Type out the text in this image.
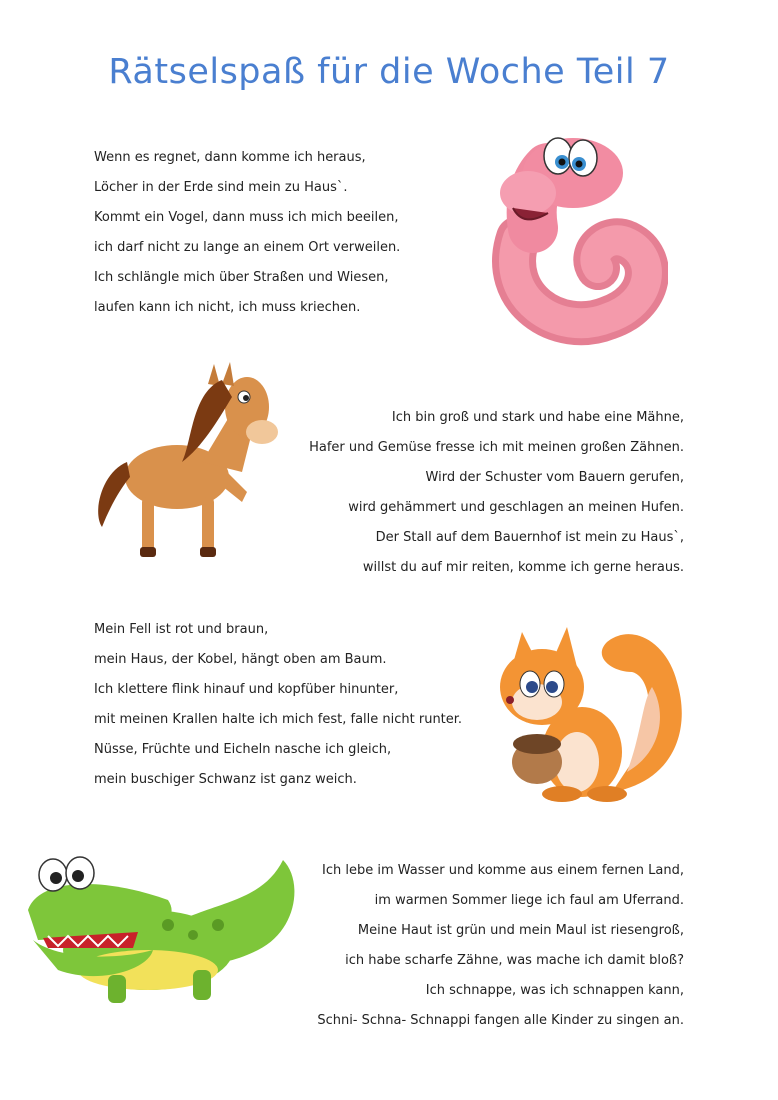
Rätselspaß für die Woche Teil 7
Wenn es regnet, dann komme ich heraus,
Löcher in der Erde sind mein zu Haus`.
Kommt ein Vogel, dann muss ich mich beeilen,
ich darf nicht zu lange an einem Ort verweilen.
Ich schlängle mich über Straßen und Wiesen,
laufen kann ich nicht, ich muss kriechen.
Ich bin groß und stark und habe eine Mähne,
Hafer und Gemüse fresse ich mit meinen großen Zähnen.
Wird der Schuster vom Bauern gerufen,
wird gehämmert und geschlagen an meinen Hufen.
Der Stall auf dem Bauernhof ist mein zu Haus`,
willst du auf mir reiten, komme ich gerne heraus.
Mein Fell ist rot und braun,
mein Haus, der Kobel, hängt oben am Baum.
Ich klettere flink hinauf und kopfüber hinunter,
mit meinen Krallen halte ich mich fest, falle nicht runter.
Nüsse, Früchte und Eicheln nasche ich gleich,
mein buschiger Schwanz ist ganz weich.
Ich lebe im Wasser und komme aus einem fernen Land,
im warmen Sommer liege ich faul am Uferrand.
Meine Haut ist grün und mein Maul ist riesengroß,
ich habe scharfe Zähne, was mache ich damit bloß?
Ich schnappe, was ich schnappen kann,
Schni- Schna- Schnappi fangen alle Kinder zu singen an.
